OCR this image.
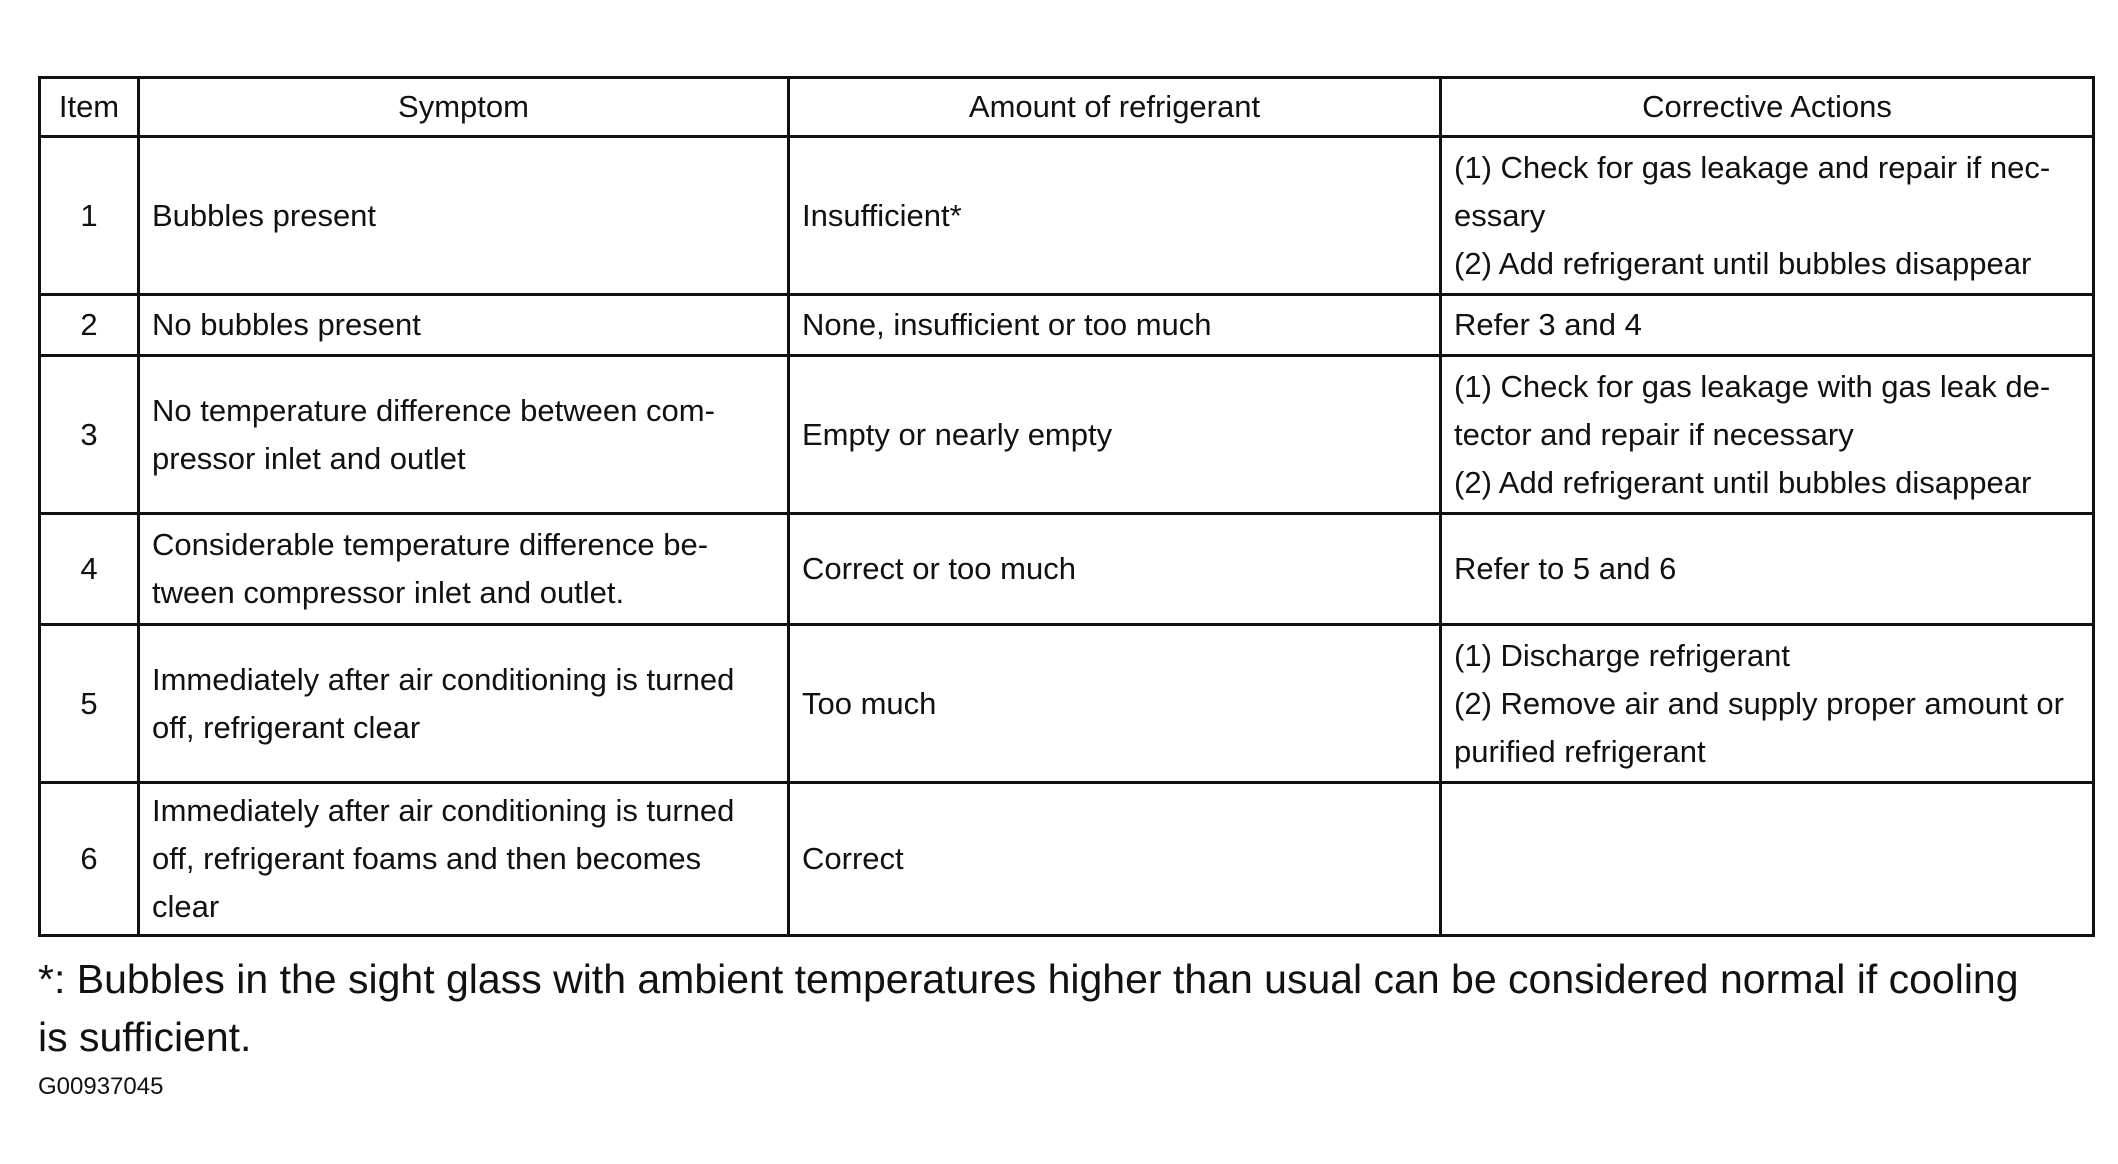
Item	Symptom	Amount of refrigerant	Corrective Actions
1	Bubbles present	Insufficient*	(1) Check for gas leakage and repair if nec-
essary
(2) Add refrigerant until bubbles disappear

2	No bubbles present	None, insufficient or too much	Refer 3 and 4

3	No temperature difference between com-
pressor inlet and outlet	Empty or nearly empty	(1) Check for gas leakage with gas leak de-
tector and repair if necessary
(2) Add refrigerant until bubbles disappear

4	Considerable temperature difference be-
tween compressor inlet and outlet.	Correct or too much	Refer to 5 and 6

5	Immediately after air conditioning is turned
off, refrigerant clear	Too much	(1) Discharge refrigerant
(2) Remove air and supply proper amount or
purified refrigerant

6	Immediately after air conditioning is turned
off, refrigerant foams and then becomes
clear	Correct	
*: Bubbles in the sight glass with ambient temperatures higher than usual can be considered normal if cooling
is sufficient.
G00937045
